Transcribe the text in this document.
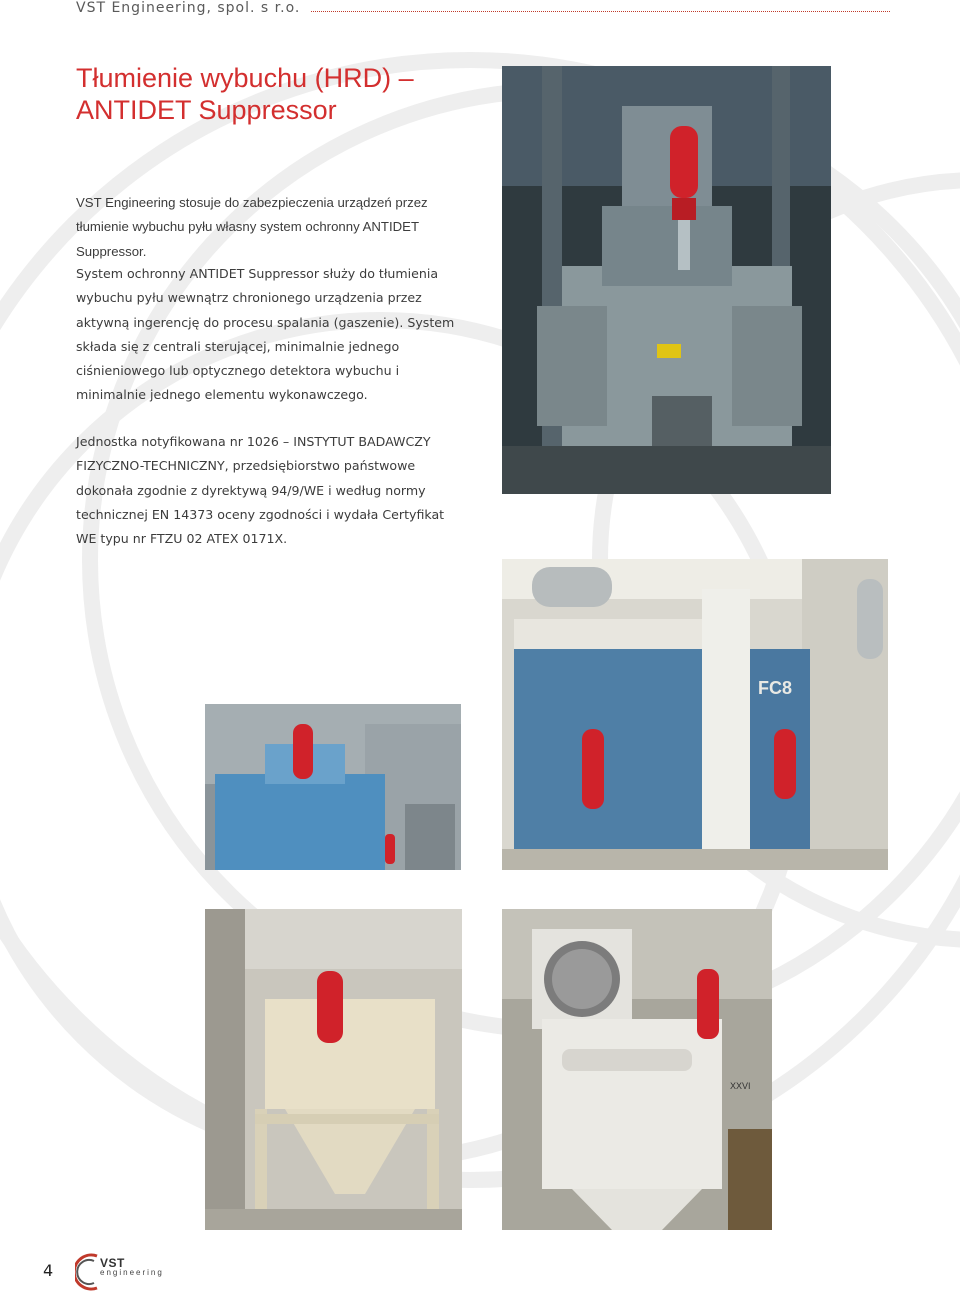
VST Engineering, spol. s r.o.
Tłumienie wybuchu (HRD) –
ANTIDET Suppressor

VST Engineering stosuje do zabezpieczenia urządzeń przez tłumienie wybuchu pyłu własny system ochronny ANTIDET Suppressor.

System ochronny ANTIDET Suppressor służy do tłumienia wybuchu pyłu wewnątrz chronionego urządzenia przez aktywną ingerencję do procesu spalania (gaszenie). System składa się z centrali sterującej, minimalnie jednego ciśnieniowego lub optycznego detektora wybuchu i minimalnie jednego elementu wykonawczego.

Jednostka notyfikowana nr 1026 – INSTYTUT BADAWCZY FIZYCZNO-TECHNICZNY, przedsiębiorstwo państwowe dokonała zgodnie z dyrektywą 94/9/WE i według normy technicznej EN 14373 oceny zgodności i wydała Certyfikat WE typu nr FTZU 02 ATEX 0171X.

FC8
XXVI
4	VST
engineering
